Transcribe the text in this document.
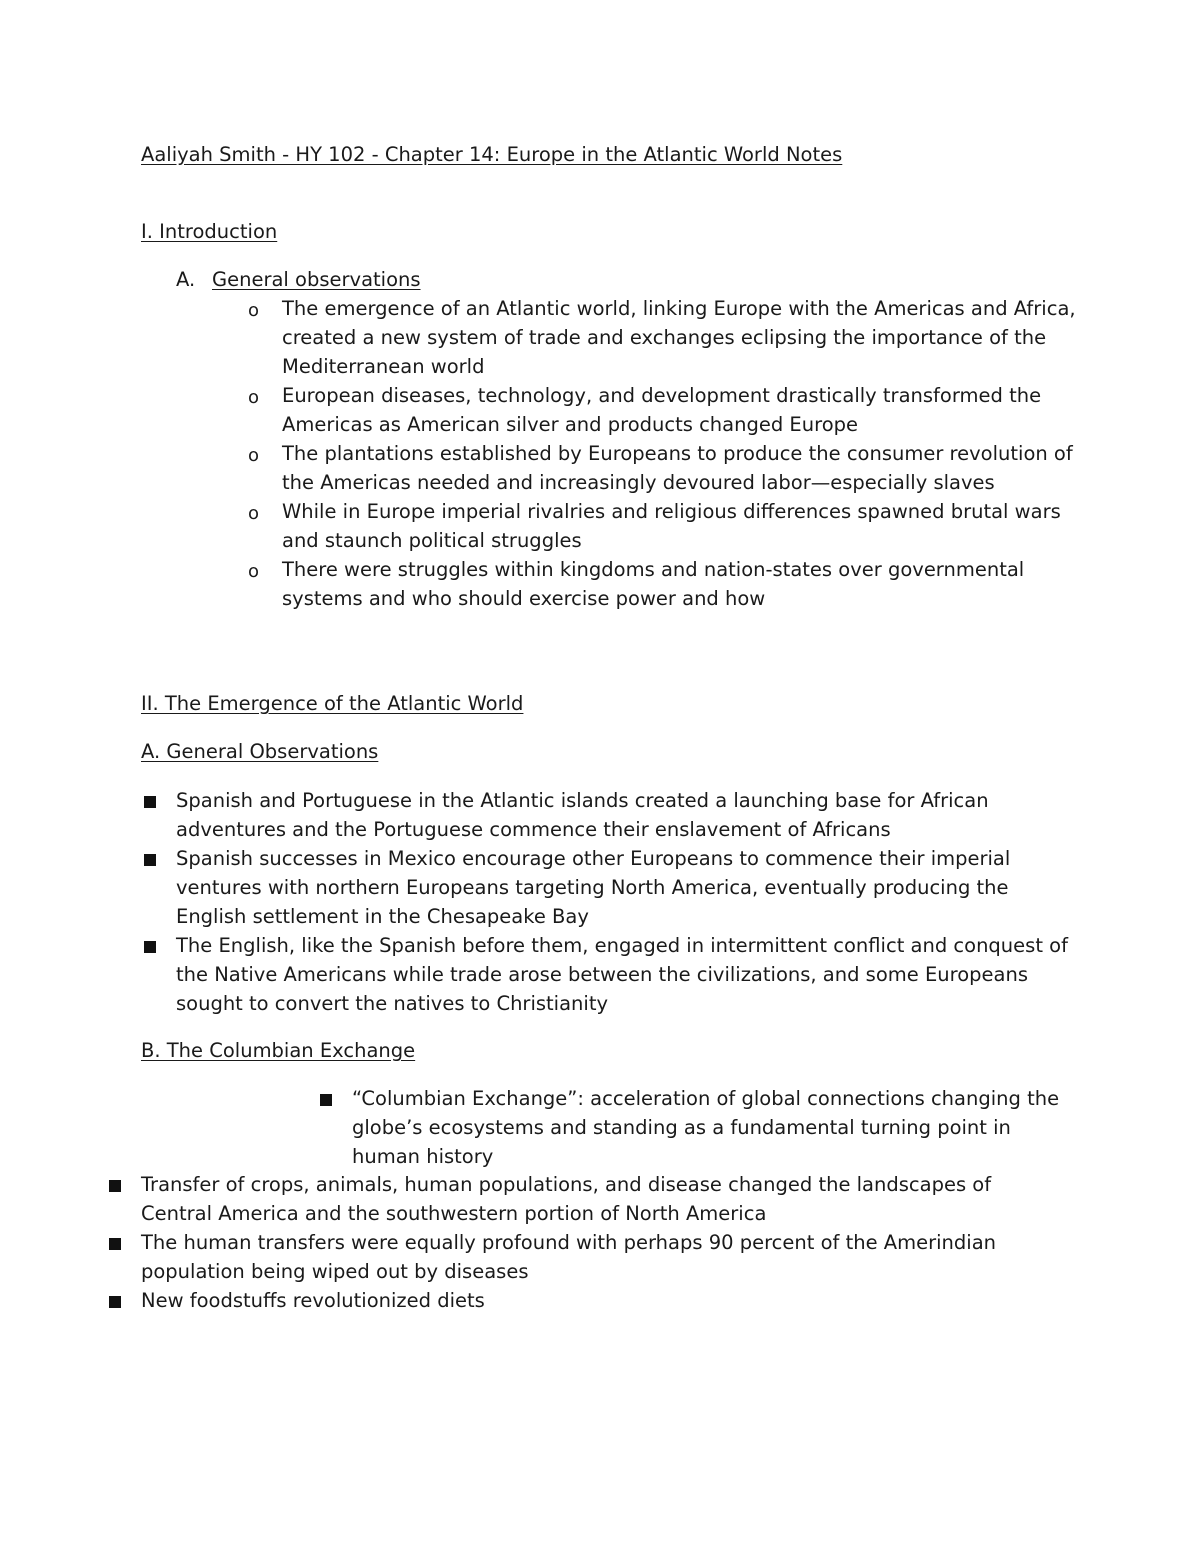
Aaliyah Smith - HY 102 - Chapter 14: Europe in the Atlantic World Notes
I. Introduction
A. General observations
o The emergence of an Atlantic world, linking Europe with the Americas and Africa, created a new system of trade and exchanges eclipsing the importance of the Mediterranean world
o European diseases, technology, and development drastically transformed the Americas as American silver and products changed Europe
o The plantations established by Europeans to produce the consumer revolution of the Americas needed and increasingly devoured labor—especially slaves
o While in Europe imperial rivalries and religious differences spawned brutal wars and staunch political struggles
o There were struggles within kingdoms and nation-states over governmental systems and who should exercise power and how
II. The Emergence of the Atlantic World
A. General Observations
Spanish and Portuguese in the Atlantic islands created a launching base for African adventures and the Portuguese commence their enslavement of Africans
Spanish successes in Mexico encourage other Europeans to commence their imperial ventures with northern Europeans targeting North America, eventually producing the English settlement in the Chesapeake Bay
The English, like the Spanish before them, engaged in intermittent conflict and conquest of the Native Americans while trade arose between the civilizations, and some Europeans sought to convert the natives to Christianity
B. The Columbian Exchange
“Columbian Exchange”: acceleration of global connections changing the globe’s ecosystems and standing as a fundamental turning point in human history
Transfer of crops, animals, human populations, and disease changed the landscapes of Central America and the southwestern portion of North America
The human transfers were equally profound with perhaps 90 percent of the Amerindian population being wiped out by diseases
New foodstuffs revolutionized diets
